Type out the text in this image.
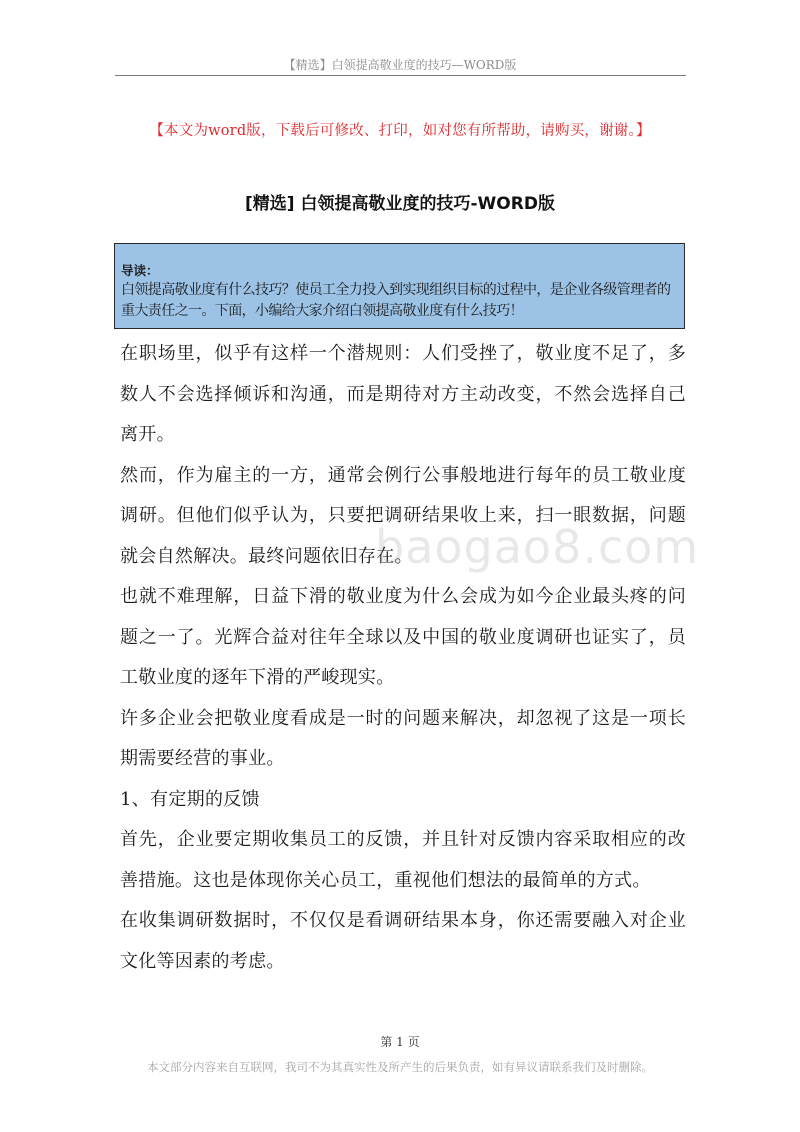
【精选】白领提高敬业度的技巧—WORD版
【本文为word版，下载后可修改、打印，如对您有所帮助，请购买，谢谢。】
[精选] 白领提高敬业度的技巧-WORD版
导读：
白领提高敬业度有什么技巧？使员工全力投入到实现组织目标的过程中，是企业各级管理者的重大责任之一。下面，小编给大家介绍白领提高敬业度有什么技巧！

在职场里，似乎有这样一个潜规则：人们受挫了，敬业度不足了，多数人不会选择倾诉和沟通，而是期待对方主动改变，不然会选择自己离开。

然而，作为雇主的一方，通常会例行公事般地进行每年的员工敬业度调研。但他们似乎认为，只要把调研结果收上来，扫一眼数据，问题就会自然解决。最终问题依旧存在。

也就不难理解，日益下滑的敬业度为什么会成为如今企业最头疼的问题之一了。光辉合益对往年全球以及中国的敬业度调研也证实了，员工敬业度的逐年下滑的严峻现实。

许多企业会把敬业度看成是一时的问题来解决，却忽视了这是一项长期需要经营的事业。

1、有定期的反馈

首先，企业要定期收集员工的反馈，并且针对反馈内容采取相应的改善措施。这也是体现你关心员工，重视他们想法的最简单的方式。

在收集调研数据时，不仅仅是看调研结果本身，你还需要融入对企业文化等因素的考虑。

baogao8.com
第 1 页
本文部分内容来自互联网，我司不为其真实性及所产生的后果负责，如有异议请联系我们及时删除。
